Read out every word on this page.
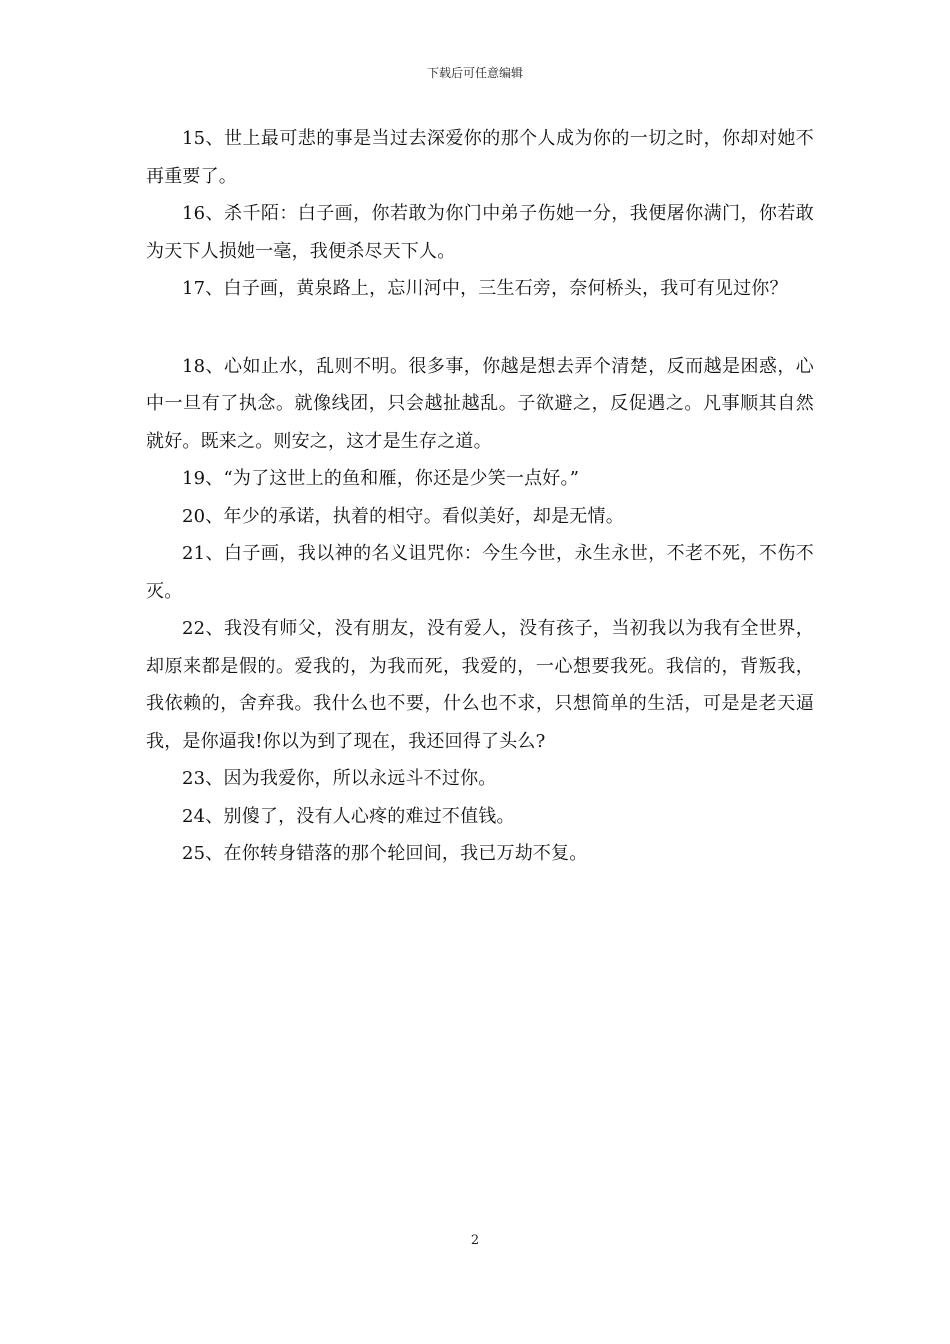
下载后可任意编辑

15、世上最可悲的事是当过去深爱你的那个人成为你的一切之时，你却对她不再重要了。

16、杀千陌：白子画，你若敢为你门中弟子伤她一分，我便屠你满门，你若敢为天下人损她一毫，我便杀尽天下人。

17、白子画，黄泉路上，忘川河中，三生石旁，奈何桥头，我可有见过你？

18、心如止水，乱则不明。很多事，你越是想去弄个清楚，反而越是困惑，心中一旦有了执念。就像线团，只会越扯越乱。子欲避之，反促遇之。凡事顺其自然就好。既来之。则安之，这才是生存之道。

19、“为了这世上的鱼和雁，你还是少笑一点好。”

20、年少的承诺，执着的相守。看似美好，却是无情。

21、白子画，我以神的名义诅咒你：今生今世，永生永世，不老不死，不伤不灭。

22、我没有师父，没有朋友，没有爱人，没有孩子，当初我以为我有全世界，却原来都是假的。爱我的，为我而死，我爱的，一心想要我死。我信的，背叛我，我依赖的，舍弃我。我什么也不要，什么也不求，只想简单的生活，可是是老天逼我，是你逼我!你以为到了现在，我还回得了头么?

23、因为我爱你，所以永远斗不过你。

24、别傻了，没有人心疼的难过不值钱。

25、在你转身错落的那个轮回间，我已万劫不复。

2
